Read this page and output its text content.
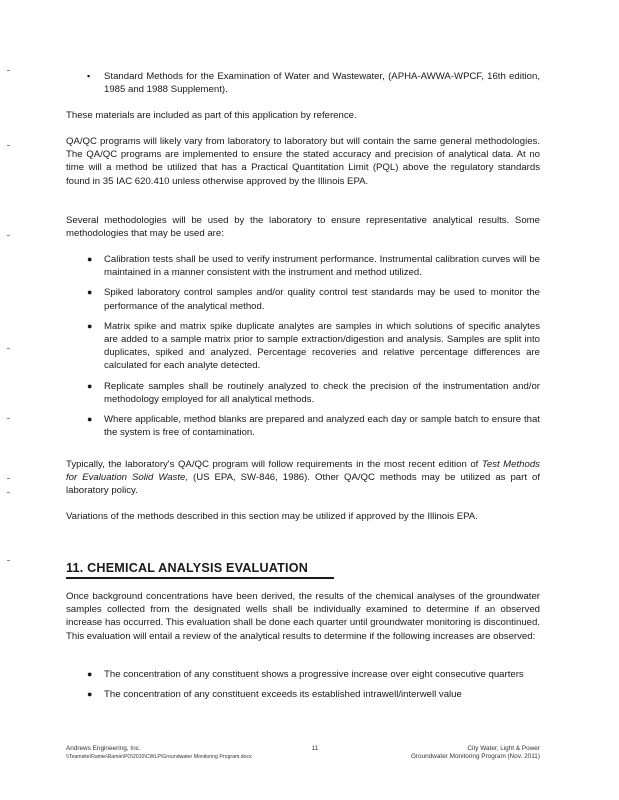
▪ Standard Methods for the Examination of Water and Wastewater, (APHA-AWWA-WPCF, 16th edition, 1985 and 1988 Supplement).

These materials are included as part of this application by reference.

QA/QC programs will likely vary from laboratory to laboratory but will contain the same general methodologies. The QA/QC programs are implemented to ensure the stated accuracy and precision of analytical data. At no time will a method be utilized that has a Practical Quantitation Limit (PQL) above the regulatory standards found in 35 IAC 620.410 unless otherwise approved by the Illinois EPA.

Several methodologies will be used by the laboratory to ensure representative analytical results. Some methodologies that may be used are:

● Calibration tests shall be used to verify instrument performance. Instrumental calibration curves will be maintained in a manner consistent with the instrument and method utilized.
● Spiked laboratory control samples and/or quality control test standards may be used to monitor the performance of the analytical method.
● Matrix spike and matrix spike duplicate analytes are samples in which solutions of specific analytes are added to a sample matrix prior to sample extraction/digestion and analysis. Samples are split into duplicates, spiked and analyzed. Percentage recoveries and relative percentage differences are calculated for each analyte detected.
● Replicate samples shall be routinely analyzed to check the precision of the instrumentation and/or methodology employed for all analytical methods.
● Where applicable, method blanks are prepared and analyzed each day or sample batch to ensure that the system is free of contamination.

Typically, the laboratory's QA/QC program will follow requirements in the most recent edition of Test Methods for Evaluation Solid Waste, (US EPA, SW-846, 1986). Other QA/QC methods may be utilized as part of laboratory policy.

Variations of the methods described in this section may be utilized if approved by the Illinois EPA.

11. CHEMICAL ANALYSIS EVALUATION

Once background concentrations have been derived, the results of the chemical analyses of the groundwater samples collected from the designated wells shall be individually examined to determine if an observed increase has occurred. This evaluation shall be done each quarter until groundwater monitoring is discontinued. This evaluation will entail a review of the analytical results to determine if the following increases are observed:

● The concentration of any constituent shows a progressive increase over eight consecutive quarters
● The concentration of any constituent exceeds its established intrawell/interwell value
Andrews Engineering, Inc.
\\Teamsite\Ramie\Ramie\PO\2010\CWLP\Groundwater Monitoring Program.docx
11	City Water, Light & Power
Groundwater Monitoring Program (Nov. 2011)
